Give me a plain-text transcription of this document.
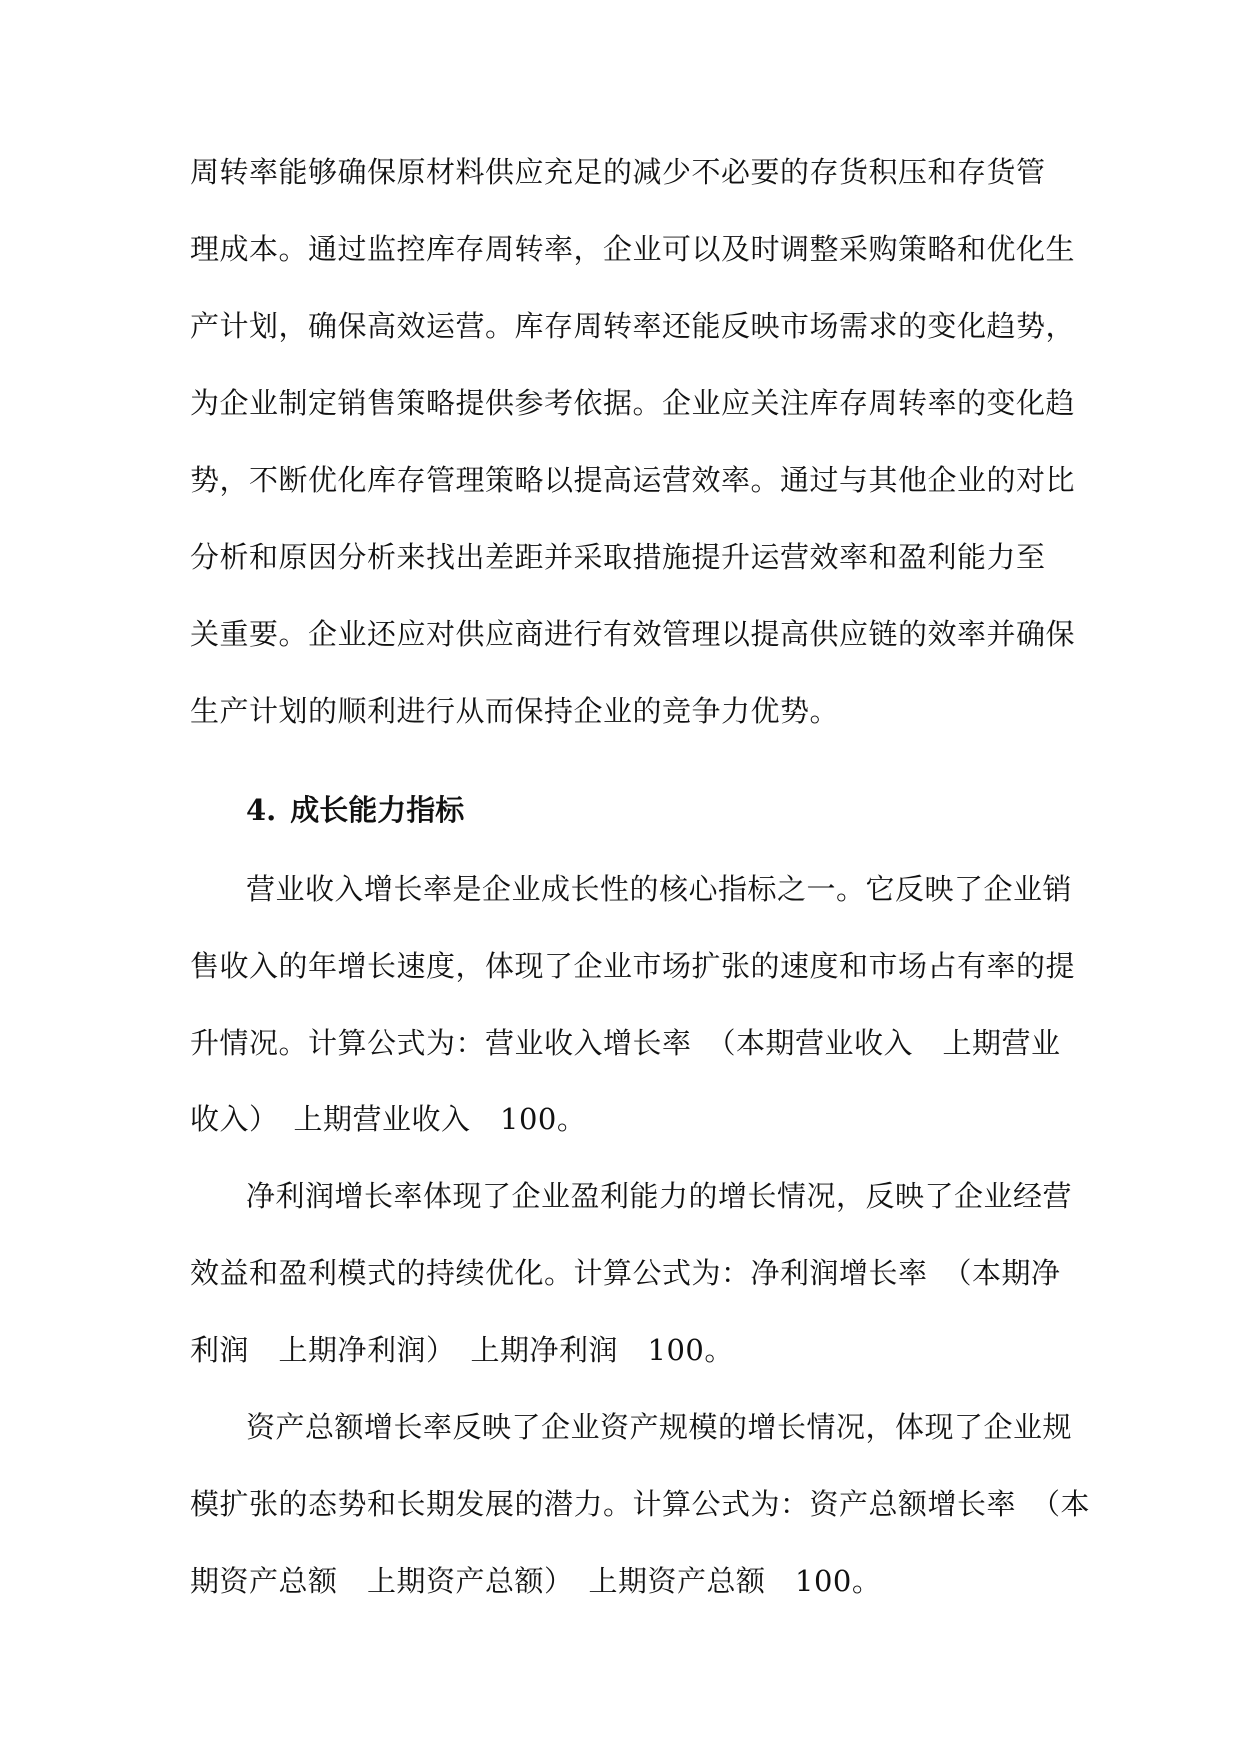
周转率能够确保原材料供应充足的减少不必要的存货积压和存货管
理成本。通过监控库存周转率，企业可以及时调整采购策略和优化生
产计划，确保高效运营。库存周转率还能反映市场需求的变化趋势，
为企业制定销售策略提供参考依据。企业应关注库存周转率的变化趋
势，不断优化库存管理策略以提高运营效率。通过与其他企业的对比
分析和原因分析来找出差距并采取措施提升运营效率和盈利能力至
关重要。企业还应对供应商进行有效管理以提高供应链的效率并确保
生产计划的顺利进行从而保持企业的竞争力优势。
4. 成长能力指标
营业收入增长率是企业成长性的核心指标之一。它反映了企业销
售收入的年增长速度，体现了企业市场扩张的速度和市场占有率的提
升情况。计算公式为：营业收入增长率　（本期营业收入　上期营业
收入）　上期营业收入　100。
净利润增长率体现了企业盈利能力的增长情况，反映了企业经营
效益和盈利模式的持续优化。计算公式为：净利润增长率　（本期净
利润　上期净利润）　上期净利润　100。
资产总额增长率反映了企业资产规模的增长情况，体现了企业规
模扩张的态势和长期发展的潜力。计算公式为：资产总额增长率　（本
期资产总额　上期资产总额）　上期资产总额　100。
